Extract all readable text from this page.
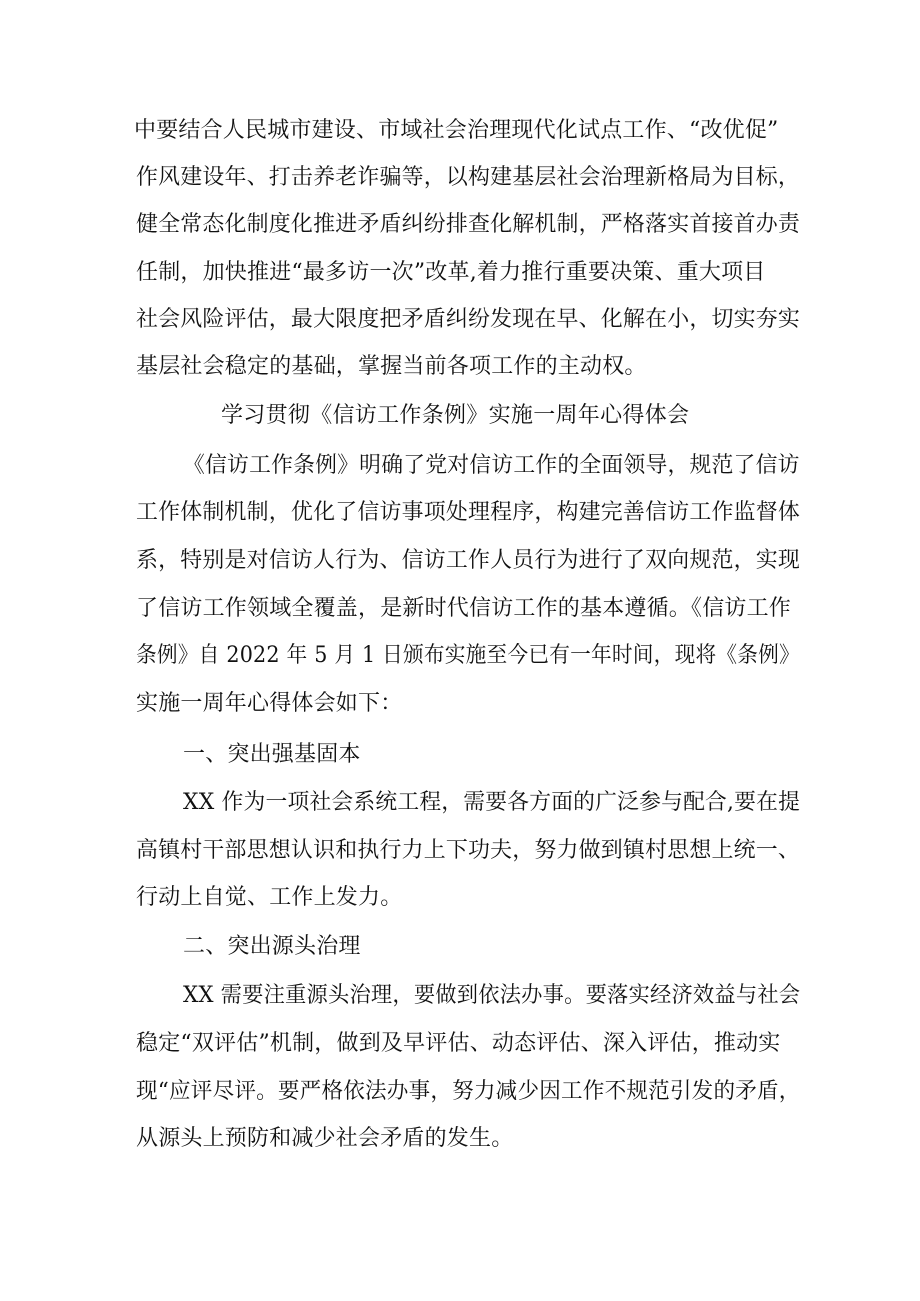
中要结合人民城市建设、市域社会治理现代化试点工作、“改优促”
作风建设年、打击养老诈骗等，以构建基层社会治理新格局为目标，
健全常态化制度化推进矛盾纠纷排查化解机制，严格落实首接首办责
任制，加快推进“最多访一次”改革,着力推行重要决策、重大项目
社会风险评估，最大限度把矛盾纠纷发现在早、化解在小，切实夯实
基层社会稳定的基础，掌握当前各项工作的主动权。
学习贯彻《信访工作条例》实施一周年心得体会
《信访工作条例》明确了党对信访工作的全面领导，规范了信访
工作体制机制，优化了信访事项处理程序，构建完善信访工作监督体
系，特别是对信访人行为、信访工作人员行为进行了双向规范，实现
了信访工作领域全覆盖，是新时代信访工作的基本遵循。《信访工作
条例》自 2022 年 5 月 1 日颁布实施至今已有一年时间，现将《条例》
实施一周年心得体会如下：
一、突出强基固本
XX 作为一项社会系统工程，需要各方面的广泛参与配合,要在提
高镇村干部思想认识和执行力上下功夫，努力做到镇村思想上统一、
行动上自觉、工作上发力。
二、突出源头治理
XX 需要注重源头治理，要做到依法办事。要落实经济效益与社会
稳定“双评估”机制，做到及早评估、动态评估、深入评估，推动实
现“应评尽评。要严格依法办事，努力减少因工作不规范引发的矛盾，
从源头上预防和减少社会矛盾的发生。
